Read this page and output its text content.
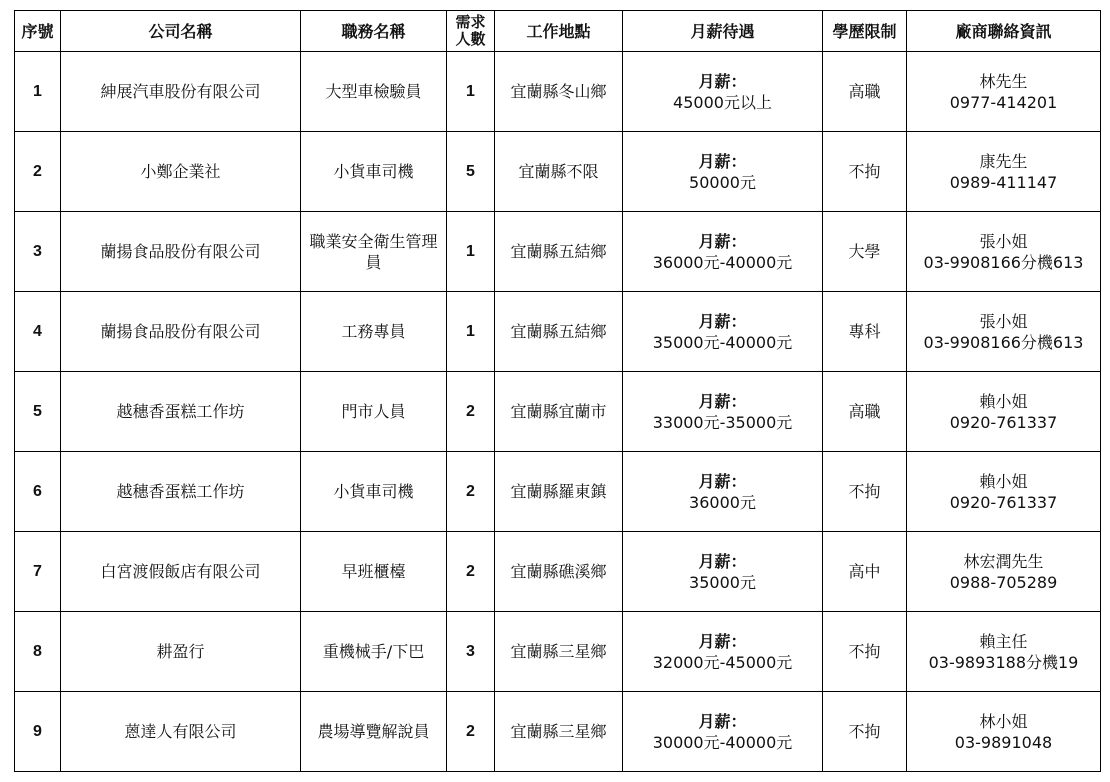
序號	公司名稱	職務名稱	需求人數	工作地點	月薪待遇	學歷限制	廠商聯絡資訊
1	紳展汽車股份有限公司	大型車檢驗員	1	宜蘭縣冬山鄉	月薪：
45000元以上	高職	林先生
0977-414201

2	小鄭企業社	小貨車司機	5	宜蘭縣不限	月薪：
50000元	不拘	康先生
0989-411147

3	蘭揚食品股份有限公司	職業安全衛生管理員	1	宜蘭縣五結鄉	月薪：
36000元-40000元	大學	張小姐
03-9908166分機613

4	蘭揚食品股份有限公司	工務專員	1	宜蘭縣五結鄉	月薪：
35000元-40000元	專科	張小姐
03-9908166分機613

5	越穗香蛋糕工作坊	門市人員	2	宜蘭縣宜蘭市	月薪：
33000元-35000元	高職	賴小姐
0920-761337

6	越穗香蛋糕工作坊	小貨車司機	2	宜蘭縣羅東鎮	月薪：
36000元	不拘	賴小姐
0920-761337

7	白宮渡假飯店有限公司	早班櫃檯	2	宜蘭縣礁溪鄉	月薪：
35000元	高中	林宏潤先生
0988-705289

8	耕盈行	重機械手/下巴	3	宜蘭縣三星鄉	月薪：
32000元-45000元	不拘	賴主任
03-9893188分機19

9	蒽達人有限公司	農場導覽解說員	2	宜蘭縣三星鄉	月薪：
30000元-40000元	不拘	林小姐
03-9891048
